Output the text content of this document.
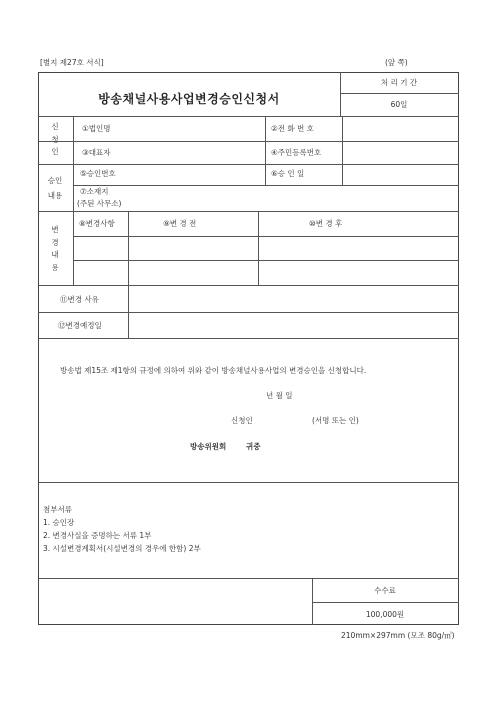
[별지 제27호 서식]	(앞 쪽)
방송채널사용사업변경승인신청서
처 리 기 간
60일
신청인
①법인명	②전 화 번 호
③대표자	④주민등록번호
승인
내용
⑤승인번호	⑥승 인 일
⑦소재지
(주된 사무소)
변경내용
⑧변경사항	⑨변 경 전	⑩변 경 후
⑪변경 사유
⑫변경예정일
방송법 제15조 제1항의 규정에 의하여 위와 같이 방송채널사용사업의 변경승인을 신청합니다.
년 월 일
신청인	(서명 또는 인)
방송위원회	귀중
첨부서류
1. 승인장
2. 변경사실을 증명하는 서류 1부
3. 시설변경계획서(시설변경의 경우에 한함) 2부
수수료
100,000원
210mm×297mm (모조 80g/㎡)
